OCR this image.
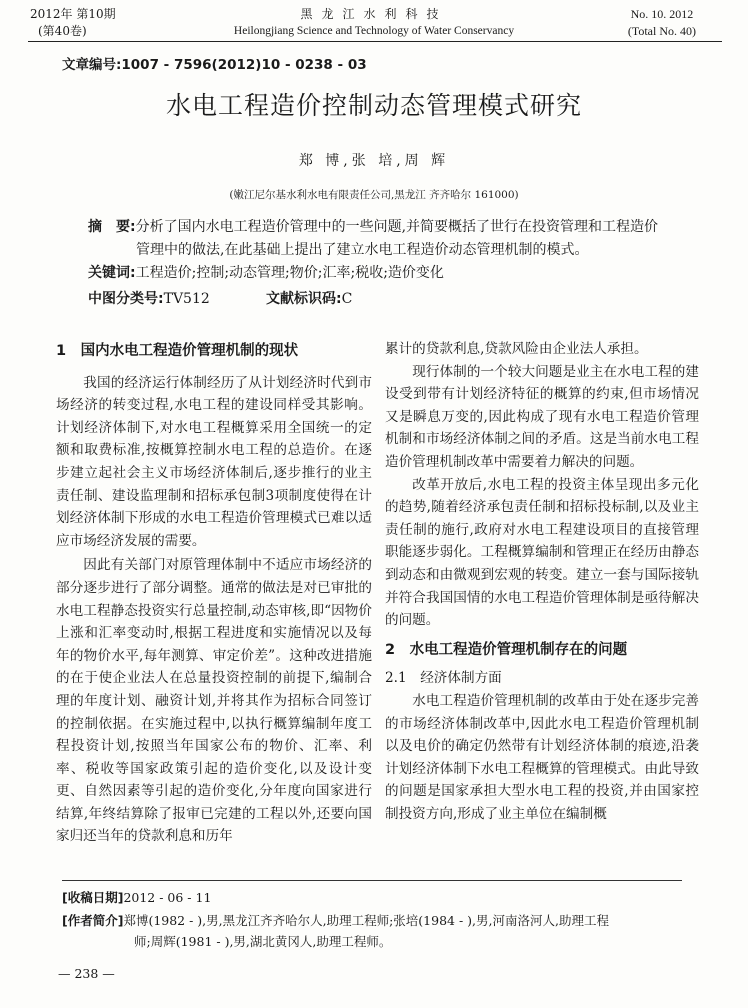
2012年 第10期
(第40卷)
黑龙江水利科技
Heilongjiang Science and Technology of Water Conservancy
No. 10. 2012
(Total No. 40)
文章编号:1007 - 7596(2012)10 - 0238 - 03
水电工程造价控制动态管理模式研究
郑 博,张 培,周 辉
(嫩江尼尔基水利水电有限责任公司,黑龙江 齐齐哈尔 161000)
摘　要:分析了国内水电工程造价管理中的一些问题,并简要概括了世行在投资管理和工程造价
管理中的做法,在此基础上提出了建立水电工程造价动态管理机制的模式。
关键词:工程造价;控制;动态管理;物价;汇率;税收;造价变化
中图分类号:TV512	文献标识码:C
1　国内水电工程造价管理机制的现状

我国的经济运行体制经历了从计划经济时代到市场经济的转变过程,水电工程的建设同样受其影响。计划经济体制下,对水电工程概算采用全国统一的定额和取费标准,按概算控制水电工程的总造价。在逐步建立起社会主义市场经济体制后,逐步推行的业主责任制、建设监理制和招标承包制3项制度使得在计划经济体制下形成的水电工程造价管理模式已难以适应市场经济发展的需要。

因此有关部门对原管理体制中不适应市场经济的部分逐步进行了部分调整。通常的做法是对已审批的水电工程静态投资实行总量控制,动态审核,即“因物价上涨和汇率变动时,根据工程进度和实施情况以及每年的物价水平,每年测算、审定价差”。这种改进措施的在于使企业法人在总量投资控制的前提下,编制合理的年度计划、融资计划,并将其作为招标合同签订的控制依据。在实施过程中,以执行概算编制年度工程投资计划,按照当年国家公布的物价、汇率、利率、税收等国家政策引起的造价变化,以及设计变更、自然因素等引起的造价变化,分年度向国家进行结算,年终结算除了报审已完建的工程以外,还要向国家归还当年的贷款利息和历年

累计的贷款利息,贷款风险由企业法人承担。

现行体制的一个较大问题是业主在水电工程的建设受到带有计划经济特征的概算的约束,但市场情况又是瞬息万变的,因此构成了现有水电工程造价管理机制和市场经济体制之间的矛盾。这是当前水电工程造价管理机制改革中需要着力解决的问题。

改革开放后,水电工程的投资主体呈现出多元化的趋势,随着经济承包责任制和招标投标制,以及业主责任制的施行,政府对水电工程建设项目的直接管理职能逐步弱化。工程概算编制和管理正在经历由静态到动态和由微观到宏观的转变。建立一套与国际接轨并符合我国国情的水电工程造价管理体制是亟待解决的问题。

2　水电工程造价管理机制存在的问题
2.1　经济体制方面

水电工程造价管理机制的改革由于处在逐步完善的市场经济体制改革中,因此水电工程造价管理机制以及电价的确定仍然带有计划经济体制的痕迹,沿袭计划经济体制下水电工程概算的管理模式。由此导致的问题是国家承担大型水电工程的投资,并由国家控制投资方向,形成了业主单位在编制概

[收稿日期]2012 - 06 - 11
[作者简介]郑博(1982 - ),男,黑龙江齐齐哈尔人,助理工程师;张培(1984 - ),男,河南洛河人,助理工程
师;周辉(1981 - ),男,湖北黄冈人,助理工程师。
— 238 —
